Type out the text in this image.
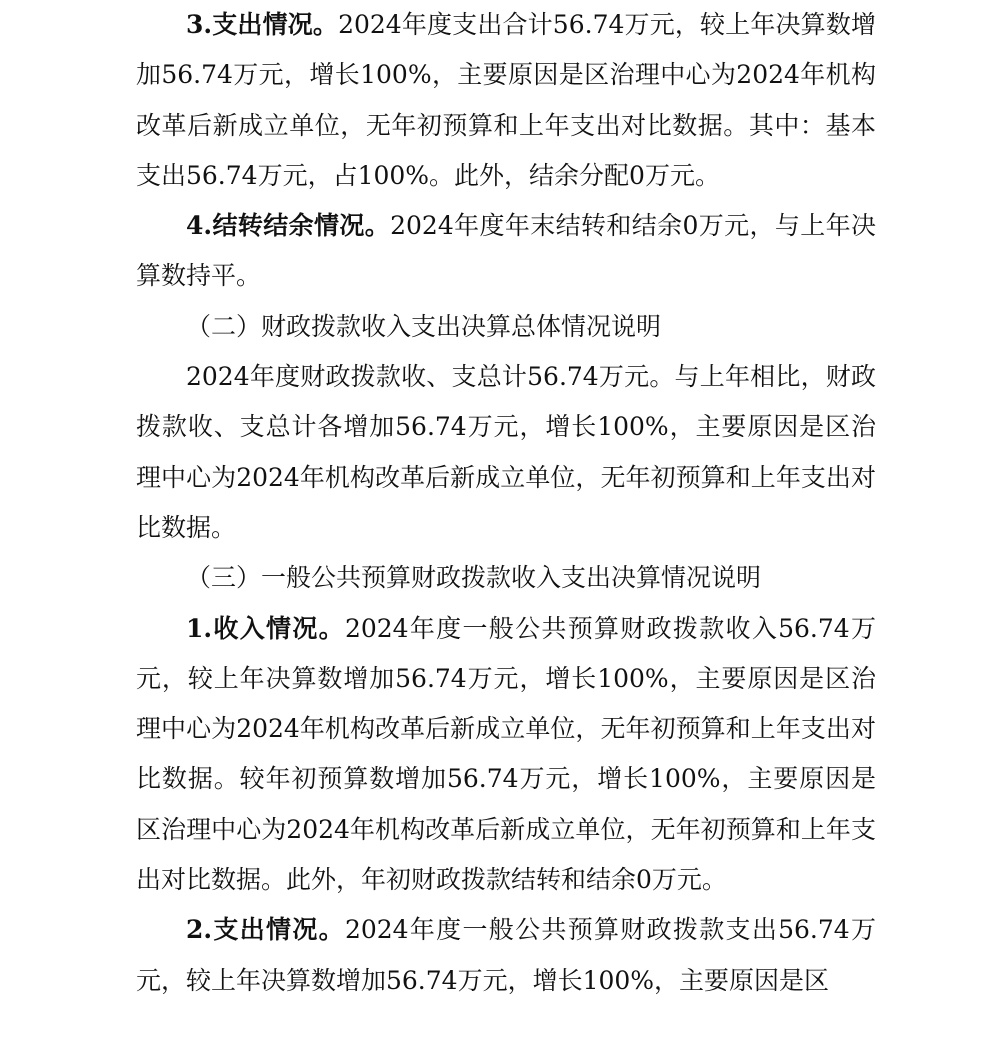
3.支出情况。2024年度支出合计56.74万元，较上年决算数增加56.74万元，增长100%，主要原因是区治理中心为2024年机构改革后新成立单位，无年初预算和上年支出对比数据。其中：基本支出56.74万元，占100%。此外，结余分配0万元。

4.结转结余情况。2024年度年末结转和结余0万元，与上年决算数持平。

（二）财政拨款收入支出决算总体情况说明

2024年度财政拨款收、支总计56.74万元。与上年相比，财政拨款收、支总计各增加56.74万元，增长100%，主要原因是区治理中心为2024年机构改革后新成立单位，无年初预算和上年支出对比数据。

（三）一般公共预算财政拨款收入支出决算情况说明

1.收入情况。2024年度一般公共预算财政拨款收入56.74万元，较上年决算数增加56.74万元，增长100%，主要原因是区治理中心为2024年机构改革后新成立单位，无年初预算和上年支出对比数据。较年初预算数增加56.74万元，增长100%，主要原因是区治理中心为2024年机构改革后新成立单位，无年初预算和上年支出对比数据。此外，年初财政拨款结转和结余0万元。

2.支出情况。2024年度一般公共预算财政拨款支出56.74万元，较上年决算数增加56.74万元，增长100%，主要原因是区
